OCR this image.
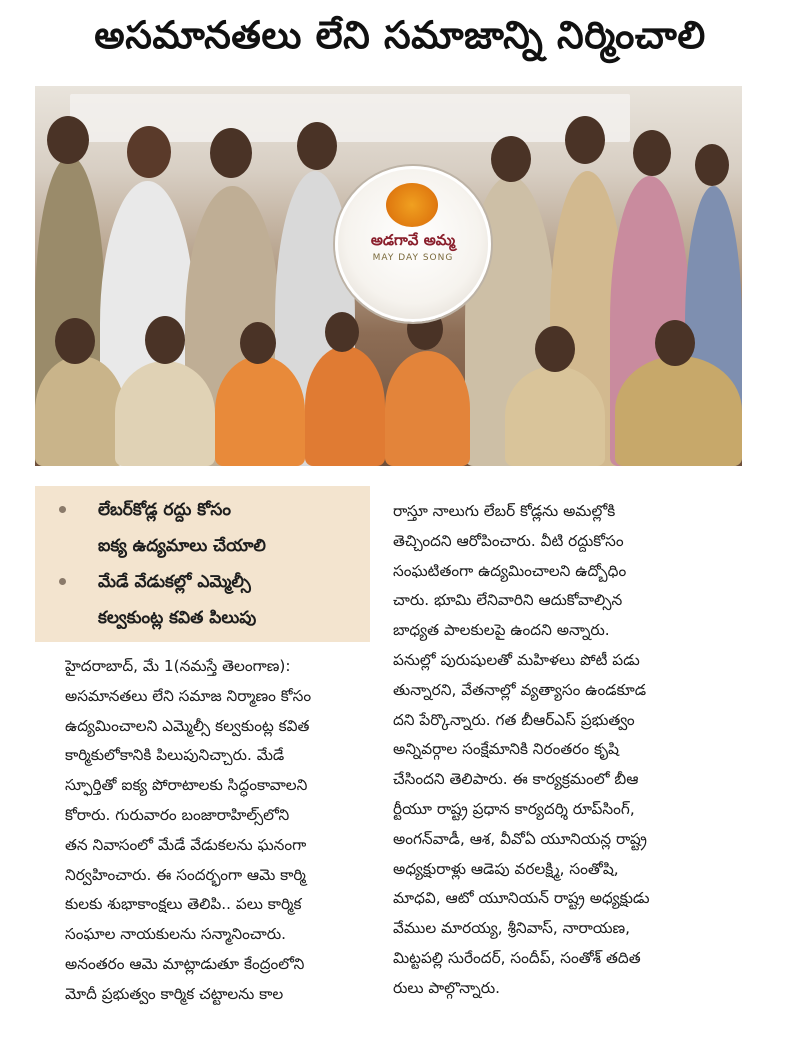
అసమానతలు లేని సమాజాన్ని నిర్మించాలి
అడగావే అమ్మ
MAY DAY SONG
లేబర్‌కోడ్ల రద్దు కోసం
ఐక్య ఉద్యమాలు చేయాలి
మేడే వేడుకల్లో ఎమ్మెల్సీ
కల్వకుంట్ల కవిత పిలుపు

హైదరాబాద్, మే 1(నమస్తే తెలంగాణ):

అసమానతలు లేని సమాజ నిర్మాణం కోసం

ఉద్యమించాలని ఎమ్మెల్సీ కల్వకుంట్ల కవిత

కార్మికులోకానికి పిలుపునిచ్చారు. మేడే

స్ఫూర్తితో ఐక్య పోరాటాలకు సిద్ధంకావాలని

కోరారు. గురువారం బంజారాహిల్స్‌లోని

తన నివాసంలో మేడే వేడుకలను ఘనంగా

నిర్వహించారు. ఈ సందర్భంగా ఆమె కార్మి

కులకు శుభాకాంక్షలు తెలిపి.. పలు కార్మిక

సంఘాల నాయకులను సన్మానించారు.

అనంతరం ఆమె మాట్లాడుతూ కేంద్రంలోని

మోదీ ప్రభుత్వం కార్మిక చట్టాలను కాల

రాస్తూ నాలుగు లేబర్ కోడ్లను అమల్లోకి

తెచ్చిందని ఆరోపించారు. వీటి రద్దుకోసం

సంఘటితంగా ఉద్యమించాలని ఉద్బోధిం

చారు. భూమి లేనివారిని ఆదుకోవాల్సిన

బాధ్యత పాలకులపై ఉందని అన్నారు.

పనుల్లో పురుషులతో మహిళలు పోటీ పడు

తున్నారని, వేతనాల్లో వ్యత్యాసం ఉండకూడ

దని పేర్కొన్నారు. గత బీఆర్‌ఎస్ ప్రభుత్వం

అన్నివర్గాల సంక్షేమానికి నిరంతరం కృషి

చేసిందని తెలిపారు. ఈ కార్యక్రమంలో బీఆ

ర్టీయూ రాష్ట్ర ప్రధాన కార్యదర్శి రూప్‌సింగ్,

అంగన్‌వాడీ, ఆశ, వీవోఏ యూనియన్ల రాష్ట్ర

అధ్యక్షురాళ్లు ఆడెపు వరలక్ష్మి, సంతోషి,

మాధవి, ఆటో యూనియన్ రాష్ట్ర అధ్యక్షుడు

వేముల మారయ్య, శ్రీనివాస్, నారాయణ,

మిట్టపల్లి సురేందర్, సందీప్, సంతోశ్ తదిత

రులు పాల్గొన్నారు.
